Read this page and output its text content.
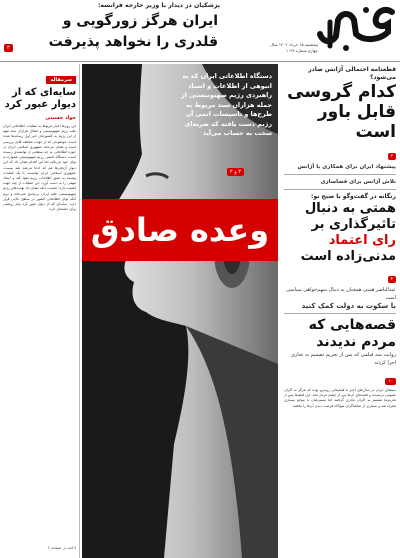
پنجشنبه ۱۵ خرداد ۱۴۰۲ سال چهارم شماره ۱۰۳۸
پزشکیان در دیدار با وزیر خارجه فرانسه:
ایران هرگز زورگویی و
قلدری را نخواهد پذیرفت
۳
سرمقاله
سایه‌ای که از دیوار عبور کرد
جواد حسینی
این روزها اخبار مربوط به عملیات اطلاعاتی ایران علیه رژیم صهیونیستی و انتقال هزاران سند مهم از این رژیم به کشورمان خبر اول رسانه‌ها شده است. موضوعی که از جهات مختلف قابل بررسی است و نشان می‌دهد جمهوری اسلامی ایران در حوزه اطلاعاتی به چه سطحی از توانمندی رسیده است. دستگاه امنیتی رژیم صهیونیستی همواره به توان خود می‌بالید اما این اقدام نشان داد که این دیوار آن‌قدرها هم که ادعا می‌شد بلند نیست. جمهوری اسلامی ایران توانست با یک عملیات پیچیده به عمق اطلاعات رژیم نفوذ کند و اسناد مهمی را به دست آورد. این عملیات از چند جهت اهمیت دارد؛ نخست آنکه نشان داد تهدیدهای رژیم صهیونیستی علیه ایران بی‌پاسخ نمی‌ماند و دوم آنکه توان اطلاعاتی کشور در سطح بالایی قرار دارد. سایه‌ای که از دیوار عبور کرد پیام روشنی برای دشمنان دارد.
ادامه در صفحه ۲
دستگاه اطلاعاتی ایران که به انبوهی از اطلاعات و اسناد راهبردی رژیم صهیونیستی از جمله هزاران سند مربوط به طرح‌ها و تاسیسات اتمی آن رژیم دست یافته که ضربه‌ای سخت به حساب می‌آید
۳ و ۲
وعده صادق
قطعنامه احتمالی آژانس صادر می‌شود؟
کدام گروسی قابل باور است
۲
پیشنهاد ایران برای همکاری با آژانس
تلاش آژانس برای فضاسازی
رنگانه در گفت‌وگو با صبح نو:
همتی به دنبال تاثیرگذاری بر
رای اعتماد
مدنی‌زاده است
۴
عبدالناصر همتی همچنان به دنبال سهم‌خواهی سیاسی است
با سکوت به دولت کمک کنید
قصه‌هایی که مردم ندیدند
روایت سه فیلمی که پس از تحریم تصمیم به تجاری اجرا کردند
۱۰
سینمای ایران در سال‌های اخیر با فیلم‌هایی روبه‌رو بوده که هرگز به اکران عمومی نرسیدند و قصه‌های آن‌ها دور از چشم مردم ماند. این فیلم‌ها پس از تحریم‌ها تصمیم به اکران تجاری گرفتند اما مسیرشان با موانع بسیاری همراه شد و بسیاری از تماشاگران هیچ‌گاه فرصت دیدن آن‌ها را نیافتند.
